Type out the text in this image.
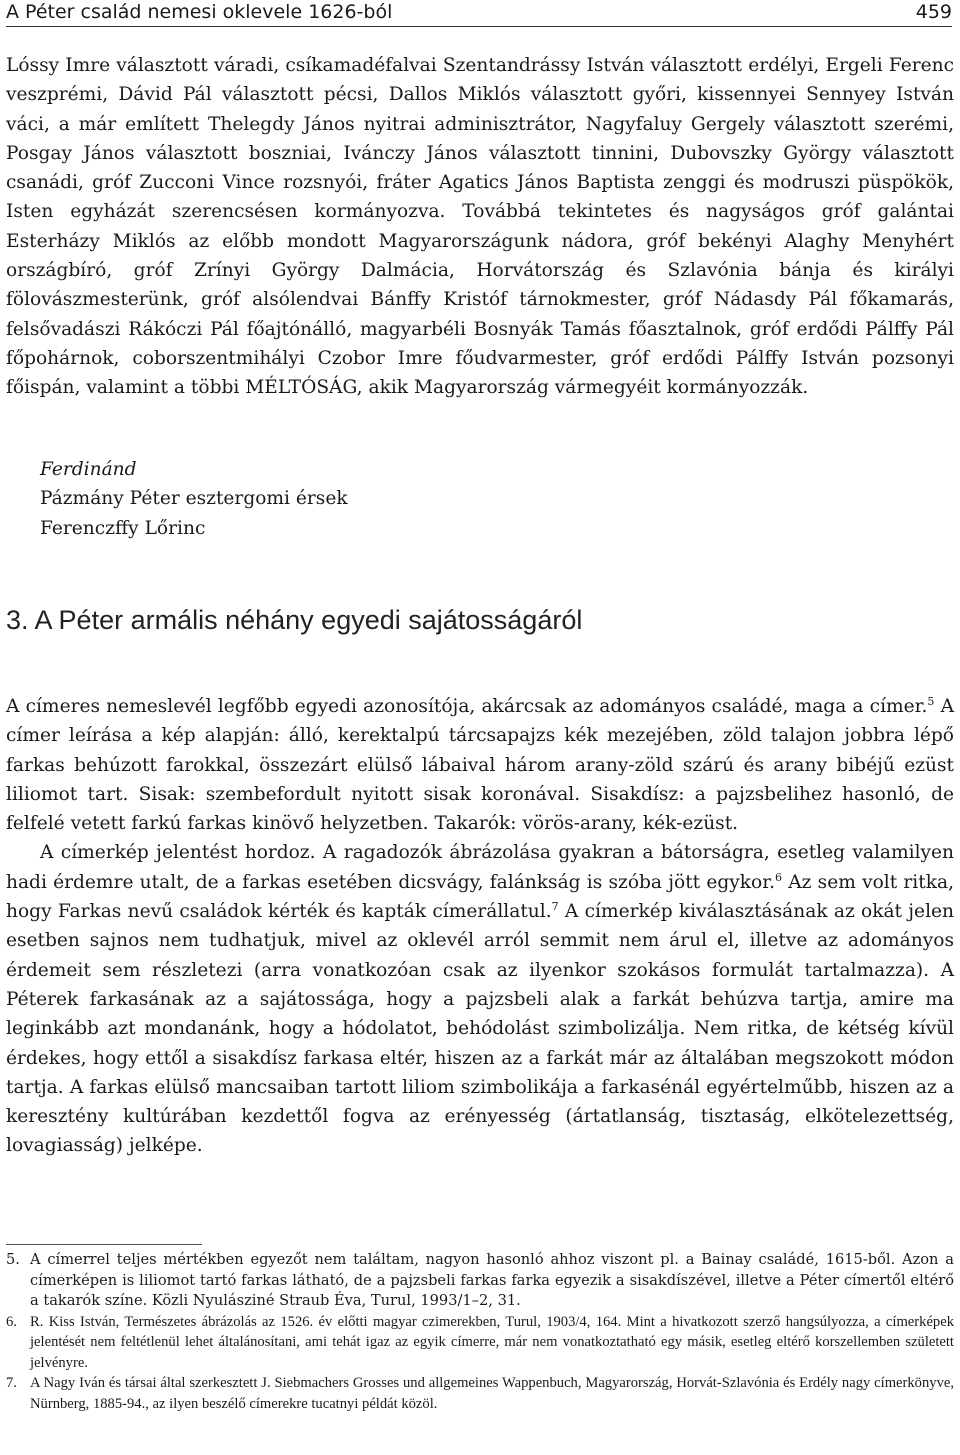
A Péter család nemesi oklevele 1626-ból	459

Lóssy Imre választott váradi, csíkamadéfalvai Szentandrássy István választott erdélyi, Ergeli Ferenc veszprémi, Dávid Pál választott pécsi, Dallos Miklós választott győri, kissennyei Sennyey István váci, a már említett Thelegdy János nyitrai adminisztrátor, Nagyfaluy Gergely választott szerémi, Posgay János választott boszniai, Ivánczy János választott tinnini, Dubovszky György választott csanádi, gróf Zucconi Vince rozsnyói, fráter Agatics János Baptista zenggi és modruszi püspökök, Isten egyházát szerencsésen kormányozva. Továbbá tekintetes és nagyságos gróf galántai Esterházy Miklós az előbb mondott Magyarországunk nádora, gróf bekényi Alaghy Menyhért országbíró, gróf Zrínyi György Dalmácia, Horvátország és Szlavónia bánja és királyi fölovászmesterünk, gróf alsólendvai Bánffy Kristóf tárnokmester, gróf Nádasdy Pál főkamarás, felsővadászi Rákóczi Pál főajtónálló, magyarbéli Bosnyák Tamás főasztalnok, gróf erdődi Pálffy Pál főpohárnok, coborszentmihályi Czobor Imre főudvarmester, gróf erdődi Pálffy István pozsonyi főispán, valamint a többi MÉLTÓSÁG, akik Magyarország vármegyéit kormányozzák.

Ferdinánd
Pázmány Péter esztergomi érsek
Ferenczffy Lőrinc
3. A Péter armális néhány egyedi sajátosságáról

A címeres nemeslevél legfőbb egyedi azonosítója, akárcsak az adományos családé, maga a címer.$^5$ A címer leírása a kép alapján: álló, kerektalpú tárcsapajzs kék mezejében, zöld talajon jobbra lépő farkas behúzott farokkal, összezárt elülső lábaival három arany-zöld szárú és arany bibéjű ezüst liliomot tart. Sisak: szembefordult nyitott sisak koronával. Sisakdísz: a pajzsbelihez hasonló, de felfelé vetett farkú farkas kinövő helyzetben. Takarók: vörös-arany, kék-ezüst.

A címerkép jelentést hordoz. A ragadozók ábrázolása gyakran a bátorságra, esetleg valamilyen hadi érdemre utalt, de a farkas esetében dicsvágy, falánkság is szóba jött egykor.$^6$ Az sem volt ritka, hogy Farkas nevű családok kérték és kapták címerállatul.$^7$ A címerkép kiválasztásának az okát jelen esetben sajnos nem tudhatjuk, mivel az oklevél arról semmit nem árul el, illetve az adományos érdemeit sem részletezi (arra vonatkozóan csak az ilyenkor szokásos formulát tartalmazza). A Péterek farkasának az a sajátossága, hogy a pajzsbeli alak a farkát behúzva tartja, amire ma leginkább azt mondanánk, hogy a hódolatot, behódolást szimbolizálja. Nem ritka, de kétség kívül érdekes, hogy ettől a sisakdísz farkasa eltér, hiszen az a farkát már az általában megszokott módon tartja. A farkas elülső mancsaiban tartott liliom szimbolikája a farkasénál egyértelműbb, hiszen az a keresztény kultúrában kezdettől fogva az erényesség (ártatlanság, tisztaság, elkötelezettség, lovagiasság) jelképe.

5. A címerrel teljes mértékben egyezőt nem találtam, nagyon hasonló ahhoz viszont pl. a Bainay családé, 1615-ből. Azon a címerképen is liliomot tartó farkas látható, de a pajzsbeli farkas farka egyezik a sisakdíszével, illetve a Péter címertől eltérő a takarók színe. Közli Nyulásziné Straub Éva, Turul, 1993/1–2, 31.
6. R. Kiss István, Természetes ábrázolás az 1526. év előtti magyar czimerekben, Turul, 1903/4, 164. Mint a hivatkozott szerző hangsúlyozza, a címerképek jelentését nem feltétlenül lehet általánosítani, ami tehát igaz az egyik címerre, már nem vonatkoztatható egy másik, esetleg eltérő korszellemben született jelvényre.
7. A Nagy Iván és társai által szerkesztett J. Siebmachers Grosses und allgemeines Wappenbuch, Magyarország, Horvát-Szlavónia és Erdély nagy címerkönyve, Nürnberg, 1885-94., az ilyen beszélő címerekre tucatnyi példát közöl.
